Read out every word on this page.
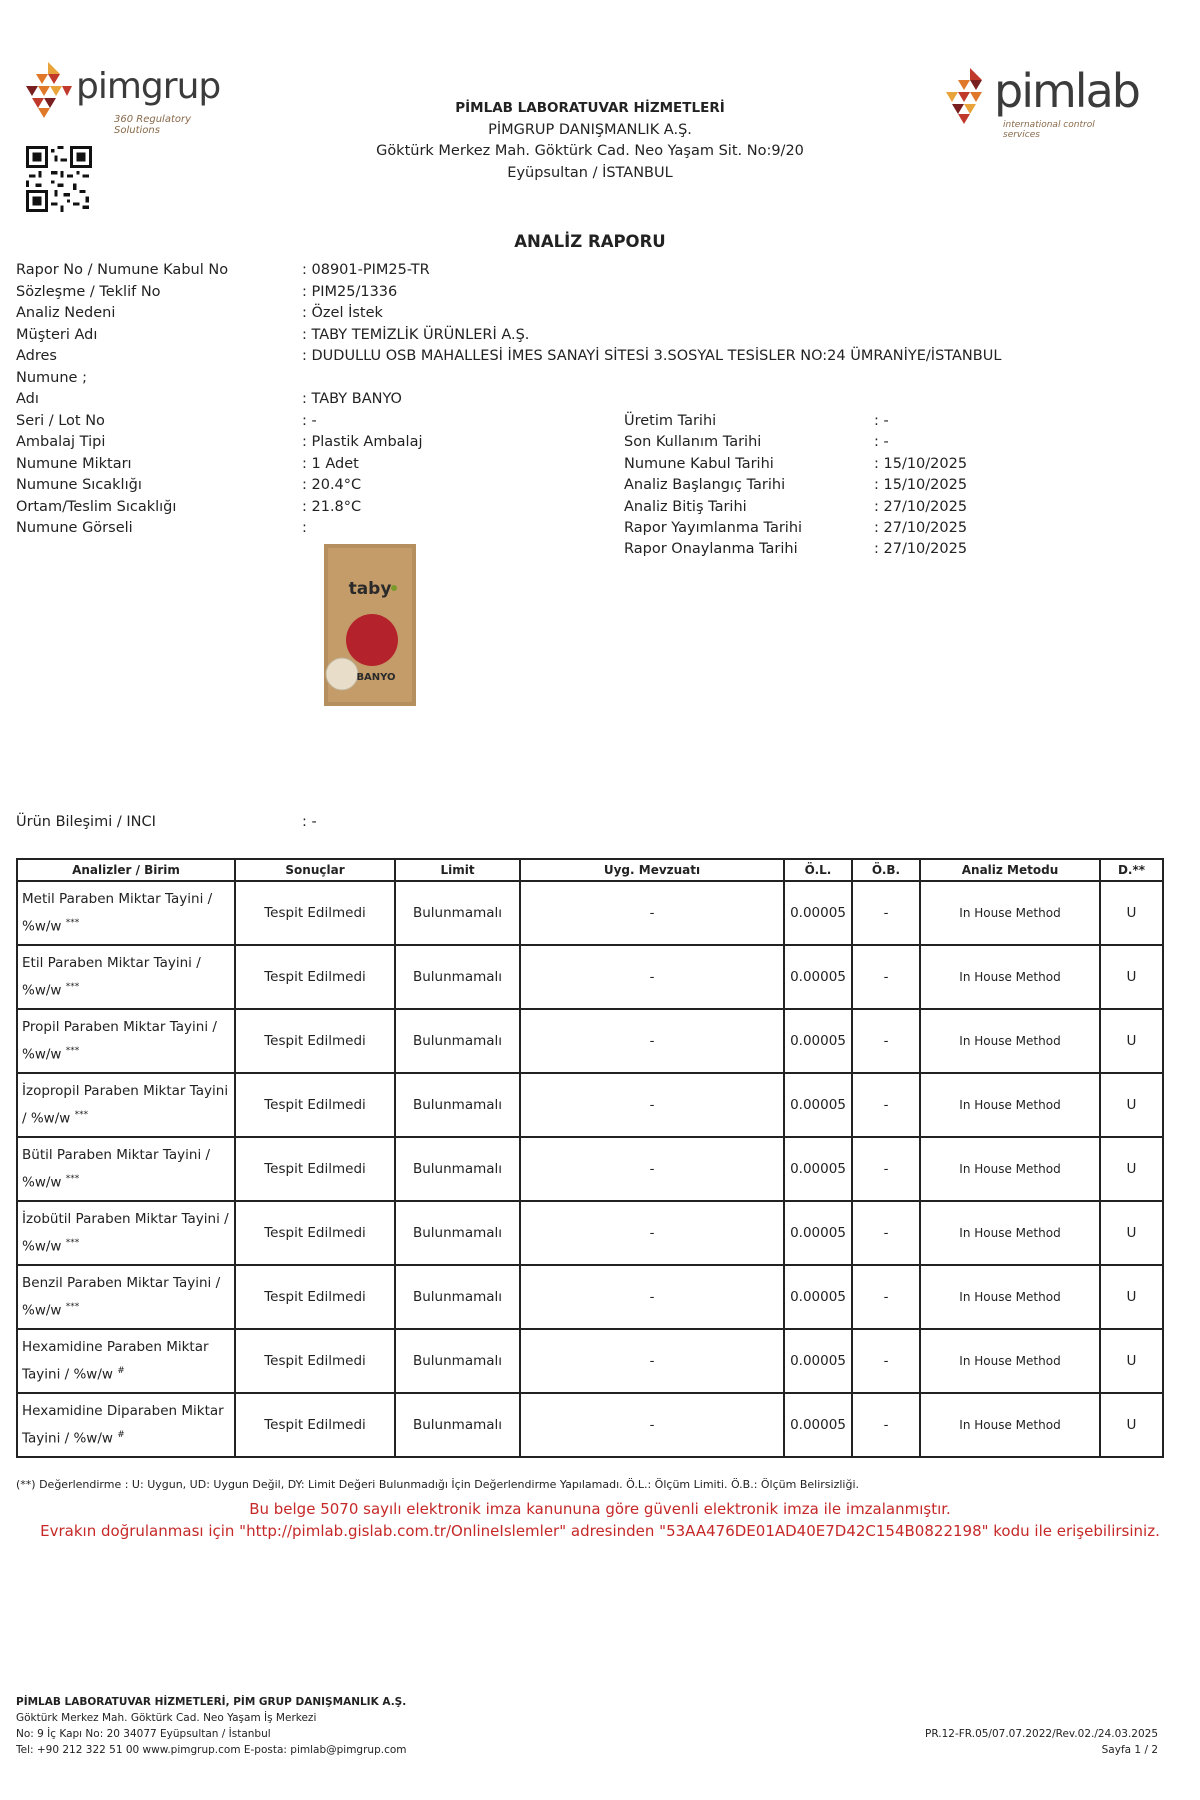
pimgrup
360 Regulatory Solutions
PİMLAB LABORATUVAR HİZMETLERİ
PİMGRUP DANIŞMANLIK A.Ş.
Göktürk Merkez Mah. Göktürk Cad. Neo Yaşam Sit. No:9/20
Eyüpsultan / İSTANBUL
pimlab
international control services
ANALİZ RAPORU
Rapor No / Numune Kabul No	: 08901-PIM25-TR
Sözleşme / Teklif No	: PIM25/1336
Analiz Nedeni	: Özel İstek
Müşteri Adı	: TABY TEMİZLİK ÜRÜNLERİ A.Ş.
Adres	: DUDULLU OSB MAHALLESİ İMES SANAYİ SİTESİ 3.SOSYAL TESİSLER NO:24 ÜMRANİYE/İSTANBUL
Numune ;
Adı	: TABY BANYO
Seri / Lot No	: -
Ambalaj Tipi	: Plastik Ambalaj
Numune Miktarı	: 1 Adet
Numune Sıcaklığı	: 20.4°C
Ortam/Teslim Sıcaklığı	: 21.8°C
Numune Görseli	:
Üretim Tarihi	: -
Son Kullanım Tarihi	: -
Numune Kabul Tarihi	: 15/10/2025
Analiz Başlangıç Tarihi	: 15/10/2025
Analiz Bitiş Tarihi	: 27/10/2025
Rapor Yayımlanma Tarihi	: 27/10/2025
Rapor Onaylanma Tarihi	: 27/10/2025
taby
BANYO
Ürün Bileşimi / INCI	: -
Analizler / Birim	Sonuçlar	Limit	Uyg. Mevzuatı	Ö.L.	Ö.B.	Analiz Metodu	D.**
Metil Paraben Miktar Tayini / %w/w ***	Tespit Edilmedi	Bulunmamalı	-	0.00005	-	In House Method	U
Etil Paraben Miktar Tayini / %w/w ***	Tespit Edilmedi	Bulunmamalı	-	0.00005	-	In House Method	U
Propil Paraben Miktar Tayini / %w/w ***	Tespit Edilmedi	Bulunmamalı	-	0.00005	-	In House Method	U
İzopropil Paraben Miktar Tayini / %w/w ***	Tespit Edilmedi	Bulunmamalı	-	0.00005	-	In House Method	U
Bütil Paraben Miktar Tayini / %w/w ***	Tespit Edilmedi	Bulunmamalı	-	0.00005	-	In House Method	U
İzobütil Paraben Miktar Tayini / %w/w ***	Tespit Edilmedi	Bulunmamalı	-	0.00005	-	In House Method	U
Benzil Paraben Miktar Tayini / %w/w ***	Tespit Edilmedi	Bulunmamalı	-	0.00005	-	In House Method	U
Hexamidine Paraben Miktar Tayini / %w/w #	Tespit Edilmedi	Bulunmamalı	-	0.00005	-	In House Method	U
Hexamidine Diparaben Miktar Tayini / %w/w #	Tespit Edilmedi	Bulunmamalı	-	0.00005	-	In House Method	U
(**) Değerlendirme : U: Uygun, UD: Uygun Değil, DY: Limit Değeri Bulunmadığı İçin Değerlendirme Yapılamadı. Ö.L.: Ölçüm Limiti. Ö.B.: Ölçüm Belirsizliği.
Bu belge 5070 sayılı elektronik imza kanununa göre güvenli elektronik imza ile imzalanmıştır.
Evrakın doğrulanması için "http://pimlab.gislab.com.tr/OnlineIslemler" adresinden "53AA476DE01AD40E7D42C154B0822198" kodu ile erişebilirsiniz.
PİMLAB LABORATUVAR HİZMETLERİ, PİM GRUP DANIŞMANLIK A.Ş.
Göktürk Merkez Mah. Göktürk Cad. Neo Yaşam İş Merkezi
No: 9 İç Kapı No: 20 34077 Eyüpsultan / İstanbul
Tel: +90 212 322 51 00 www.pimgrup.com E-posta: pimlab@pimgrup.com
PR.12-FR.05/07.07.2022/Rev.02./24.03.2025
Sayfa 1 / 2
